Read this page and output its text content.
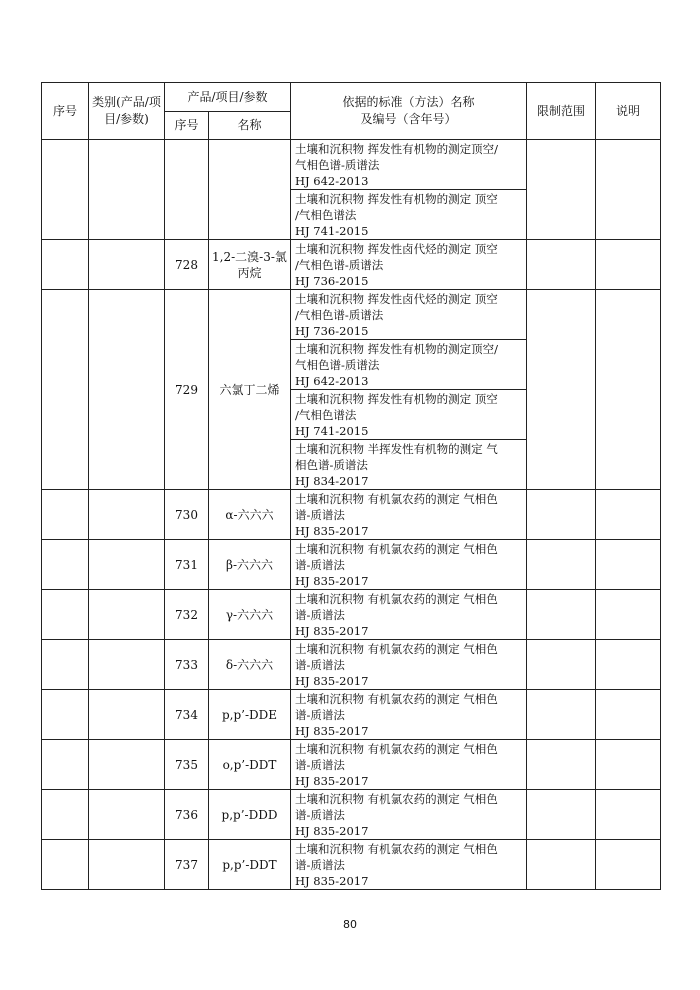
序号	类别(产品/项目/参数)	产品/项目/参数		依据的标准（方法）名称
及编号（含年号）	限制范围	说明
		序号	名称			

				土壤和沉积物 挥发性有机物的测定顶空/
气相色谱-质谱法
HJ 642-2013		

				土壤和沉积物 挥发性有机物的测定 顶空
/气相色谱法
HJ 741-2015		

		728	1,2-二溴-3-氯丙烷	土壤和沉积物 挥发性卤代烃的测定 顶空
/气相色谱-质谱法
HJ 736-2015		

		729	六氯丁二烯	土壤和沉积物 挥发性卤代烃的测定 顶空
/气相色谱-质谱法
HJ 736-2015		

				土壤和沉积物 挥发性有机物的测定顶空/
气相色谱-质谱法
HJ 642-2013		

				土壤和沉积物 挥发性有机物的测定 顶空
/气相色谱法
HJ 741-2015		

				土壤和沉积物 半挥发性有机物的测定 气
相色谱-质谱法
HJ 834-2017		

		730	α-六六六	土壤和沉积物 有机氯农药的测定 气相色
谱-质谱法
HJ 835-2017		

		731	β-六六六	土壤和沉积物 有机氯农药的测定 气相色
谱-质谱法
HJ 835-2017		

		732	γ-六六六	土壤和沉积物 有机氯农药的测定 气相色
谱-质谱法
HJ 835-2017		

		733	δ-六六六	土壤和沉积物 有机氯农药的测定 气相色
谱-质谱法
HJ 835-2017		

		734	p,p’-DDE	土壤和沉积物 有机氯农药的测定 气相色
谱-质谱法
HJ 835-2017		

		735	o,p’-DDT	土壤和沉积物 有机氯农药的测定 气相色
谱-质谱法
HJ 835-2017		

		736	p,p’-DDD	土壤和沉积物 有机氯农药的测定 气相色
谱-质谱法
HJ 835-2017		

		737	p,p’-DDT	土壤和沉积物 有机氯农药的测定 气相色
谱-质谱法
HJ 835-2017		

80
